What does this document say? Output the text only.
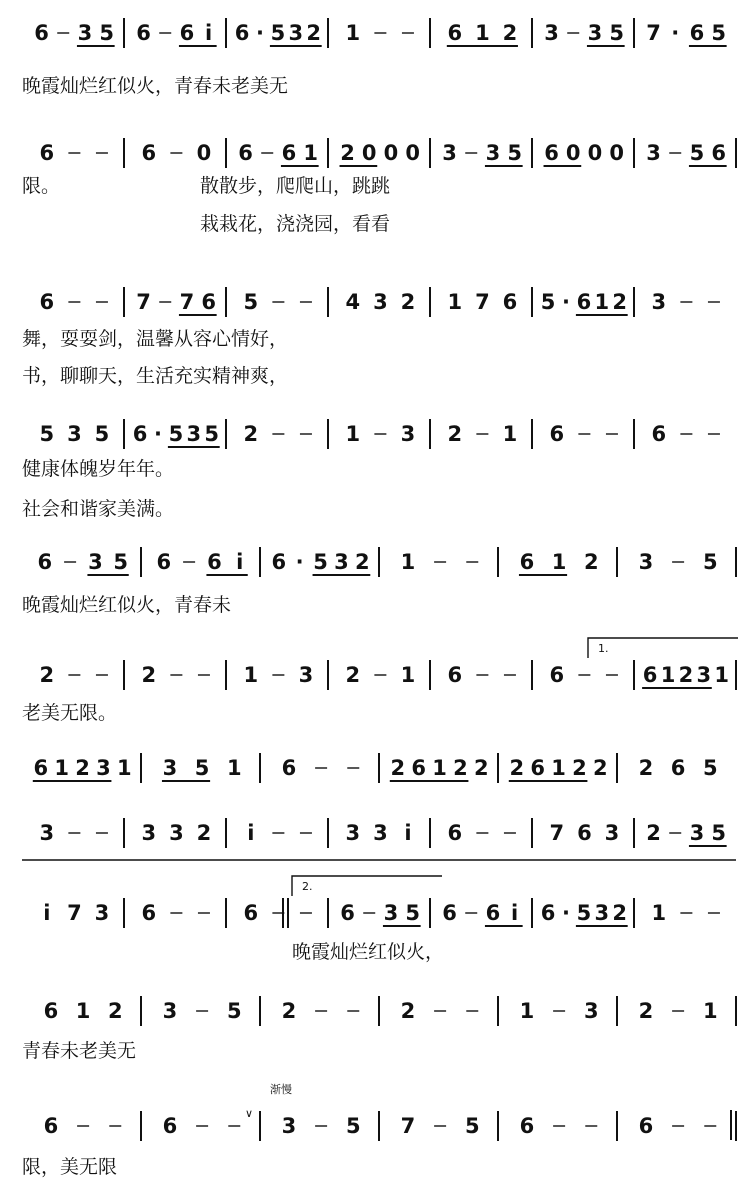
6 3 5 6 6 i 6 · 5 3 2 1	6 1 2 3 3 5 7 · 6 5
晚霞灿烂红似火，青春未老美无
6	6 0 6 6 1 2 0 0 0 3 3 5 6 0 0 0 3 5 6
限。	散散步，爬爬山，跳跳
栽栽花，浇浇园，看看
6	7 7 6 5	4 3 2 1 7 6 5 · 6 1 2 3
舞，耍耍剑，温馨从容心情好，
书，聊聊天，生活充实精神爽，
5 3 5 6 · 5 3 5 2	1 3 2 1 6	6
健康体魄岁年年。
社会和谐家美满。
6 3 5 6 6 i 6 · 5 3 2 1	6 1 2 3 5
晚霞灿烂红似火，青春未
2	2	1 3 2 1 6	6	6 1 2 3 1
1.
老美无限。
6 1 2 3 1 3 5 1 6	2 6 1 2 2 2 6 1 2 2 2 6 5
3	3 3 2 i	3 3 i 6	7 6 3 2 3 5
i 7 3 6	6	6 3 5 6 6 i 6 · 5 3 2 1
2.
晚霞灿烂红似火，
6 1 2 3 5 2	2	1 3 2 1
青春未老美无
6	6	3 5 7 5 6	6
渐慢
∨
限，美无限
